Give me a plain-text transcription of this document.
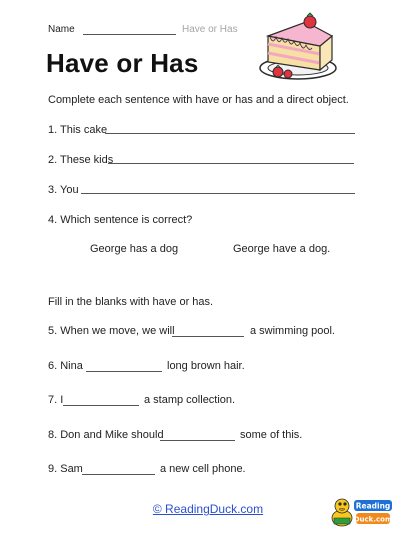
Name	Have or Has
Have or Has
Complete each sentence with have or has and a direct object.
1. This cake
2. These kids
3. You
4. Which sentence is correct?
George has a dog	George have a dog.
Fill in the blanks with have or has.
5. When we move, we will	a swimming pool.
6. Nina	long brown hair.
7. I	a stamp collection.
8. Don and Mike should	some of this.
9. Sam	a new cell phone.
© ReadingDuck.com	Reading
Duck.com
